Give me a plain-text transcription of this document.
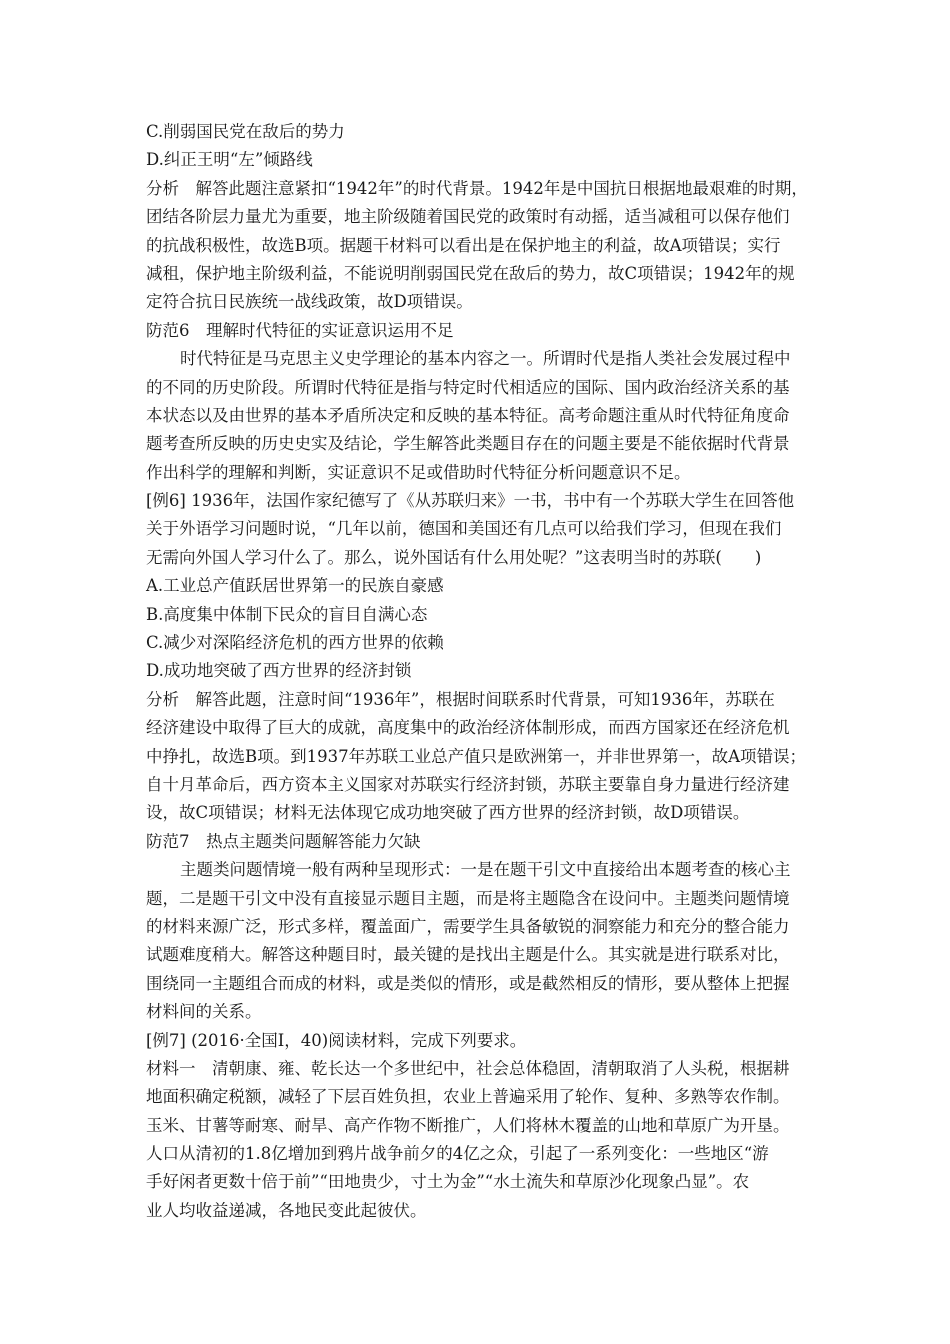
C.削弱国民党在敌后的势力
D.纠正王明“左”倾路线
分析　解答此题注意紧扣“1942年”的时代背景。1942年是中国抗日根据地最艰难的时期，
团结各阶层力量尤为重要，地主阶级随着国民党的政策时有动摇，适当减租可以保存他们
的抗战积极性，故选B项。据题干材料可以看出是在保护地主的利益，故A项错误；实行
减租，保护地主阶级利益，不能说明削弱国民党在敌后的势力，故C项错误；1942年的规
定符合抗日民族统一战线政策，故D项错误。
防范6　理解时代特征的实证意识运用不足
时代特征是马克思主义史学理论的基本内容之一。所谓时代是指人类社会发展过程中
的不同的历史阶段。所谓时代特征是指与特定时代相适应的国际、国内政治经济关系的基
本状态以及由世界的基本矛盾所决定和反映的基本特征。高考命题注重从时代特征角度命
题考查所反映的历史史实及结论，学生解答此类题目存在的问题主要是不能依据时代背景
作出科学的理解和判断，实证意识不足或借助时代特征分析问题意识不足。
[例6] 1936年，法国作家纪德写了《从苏联归来》一书，书中有一个苏联大学生在回答他
关于外语学习问题时说，“几年以前，德国和美国还有几点可以给我们学习，但现在我们
无需向外国人学习什么了。那么，说外国话有什么用处呢？”这表明当时的苏联(　　)
A.工业总产值跃居世界第一的民族自豪感
B.高度集中体制下民众的盲目自满心态
C.减少对深陷经济危机的西方世界的依赖
D.成功地突破了西方世界的经济封锁
分析　解答此题，注意时间“1936年”，根据时间联系时代背景，可知1936年，苏联在
经济建设中取得了巨大的成就，高度集中的政治经济体制形成，而西方国家还在经济危机
中挣扎，故选B项。到1937年苏联工业总产值只是欧洲第一，并非世界第一，故A项错误；
自十月革命后，西方资本主义国家对苏联实行经济封锁，苏联主要靠自身力量进行经济建
设，故C项错误；材料无法体现它成功地突破了西方世界的经济封锁，故D项错误。
防范7　热点主题类问题解答能力欠缺
主题类问题情境一般有两种呈现形式：一是在题干引文中直接给出本题考查的核心主
题，二是题干引文中没有直接显示题目主题，而是将主题隐含在设问中。主题类问题情境
的材料来源广泛，形式多样，覆盖面广，需要学生具备敏锐的洞察能力和充分的整合能力
试题难度稍大。解答这种题目时，最关键的是找出主题是什么。其实就是进行联系对比，
围绕同一主题组合而成的材料，或是类似的情形，或是截然相反的情形，要从整体上把握
材料间的关系。
[例7] (2016·全国Ⅰ，40)阅读材料，完成下列要求。
材料一　清朝康、雍、乾长达一个多世纪中，社会总体稳固，清朝取消了人头税，根据耕
地面积确定税额，减轻了下层百姓负担，农业上普遍采用了轮作、复种、多熟等农作制。
玉米、甘薯等耐寒、耐旱、高产作物不断推广，人们将林木覆盖的山地和草原广为开垦。
人口从清初的1.8亿增加到鸦片战争前夕的4亿之众，引起了一系列变化：一些地区“游
手好闲者更数十倍于前”“田地贵少，寸土为金”“水土流失和草原沙化现象凸显”。农
业人均收益递减，各地民变此起彼伏。
